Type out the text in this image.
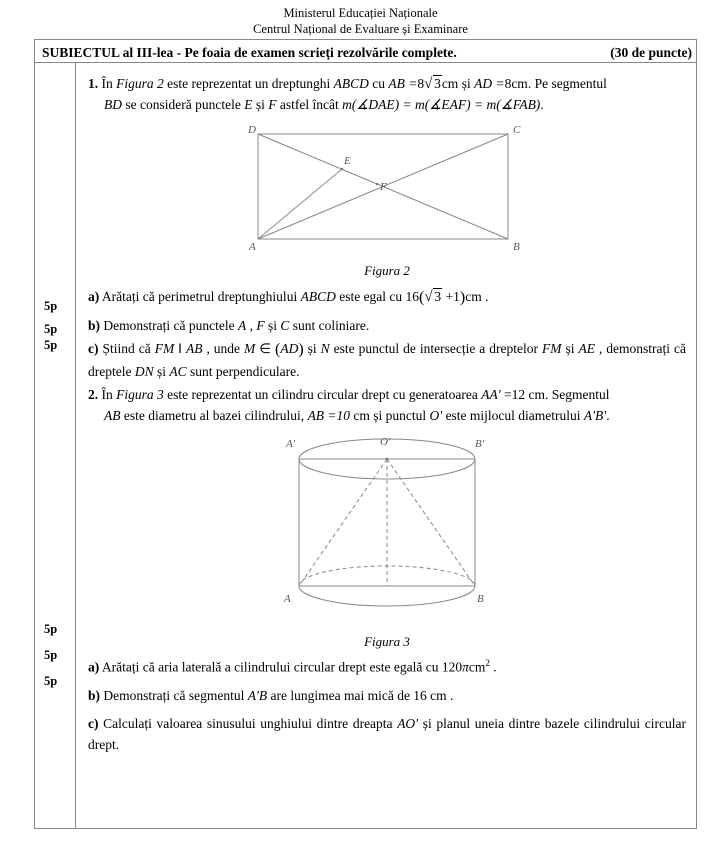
Ministerul Educației Naționale
Centrul Național de Evaluare și Examinare
SUBIECTUL al III-lea - Pe foaia de examen scrieți rezolvările complete.	(30 de puncte)
1. În Figura 2 este reprezentat un dreptunghi ABCD cu AB =8 √ 3cm și AD =8cm. Pe segmentul
BD se consideră punctele E și F astfel încât m(∡DAE) = m(∡EAF) = m(∡FAB).
D	C
E
F
A	B
Figura 2
a) Arătați că perimetrul dreptunghiului ABCD este egal cu 16( √ 3 +1)cm .
b) Demonstrați că punctele A , F și C sunt coliniare.
c) Știind că FM ‖ AB , unde M ∈ (AD) și N este punctul de intersecție a dreptelor FM și AE , demonstrați că dreptele DN și AC sunt perpendiculare.
2. În Figura 3 este reprezentat un cilindru circular drept cu generatoarea AA' =12 cm. Segmentul
AB este diametru al bazei cilindrului, AB =10 cm și punctul O' este mijlocul diametrului A'B'.
A'	O'	B'
A	B
Figura 3
a) Arătați că aria laterală a cilindrului circular drept este egală cu 120πcm$^2$ .
b) Demonstrați că segmentul A'B are lungimea mai mică de 16 cm .
c) Calculați valoarea sinusului unghiului dintre dreapta AO' și planul uneia dintre bazele cilindrului circular drept.
5p
5p
5p
5p
5p
5p
